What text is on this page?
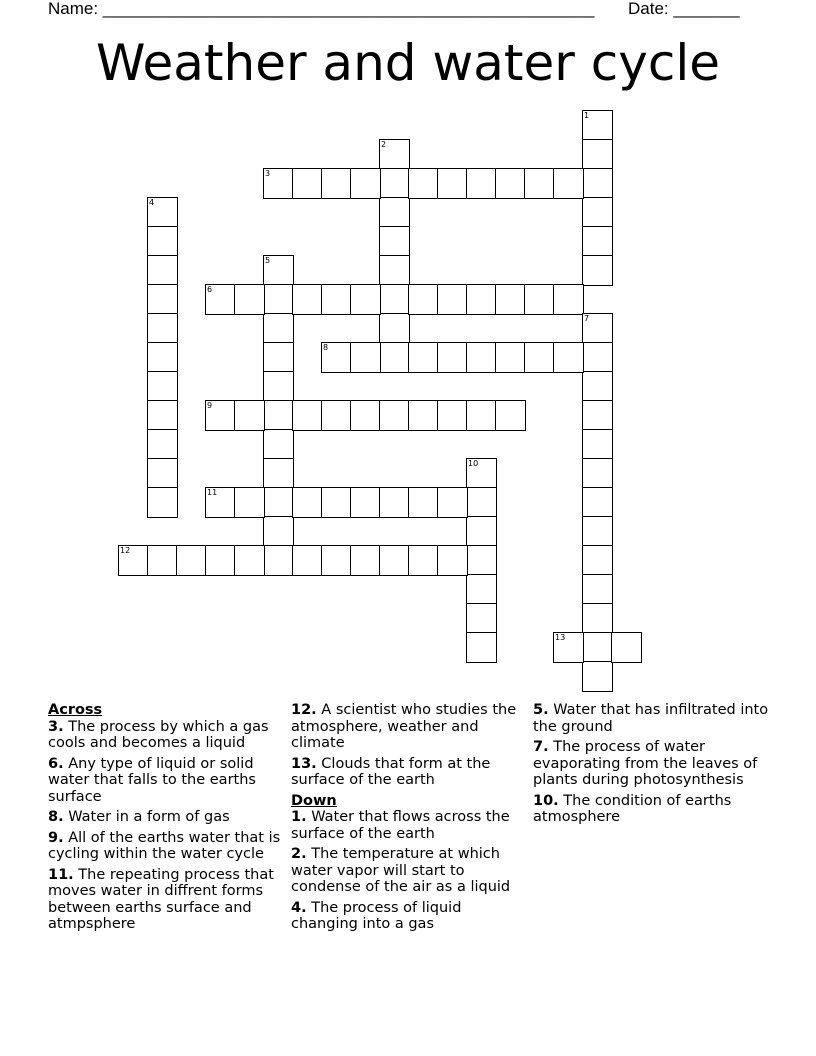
Name: ____________________________________________________ Date: _______
Weather and water cycle
1
2
3
4
5
6
7
8
9
10
11
12
13
Across
3. The process by which a gas cools and becomes a liquid
6. Any type of liquid or solid water that falls to the earths surface
8. Water in a form of gas
9. All of the earths water that is cycling within the water cycle
11. The repeating process that moves water in diffrent forms between earths surface and atmpsphere
12. A scientist who studies the atmosphere, weather and climate
13. Clouds that form at the surface of the earth
Down
1. Water that flows across the surface of the earth
2. The temperature at which water vapor will start to condense of the air as a liquid
4. The process of liquid changing into a gas
5. Water that has infiltrated into the ground
7. The process of water evaporating from the leaves of plants during photosynthesis
10. The condition of earths atmosphere
